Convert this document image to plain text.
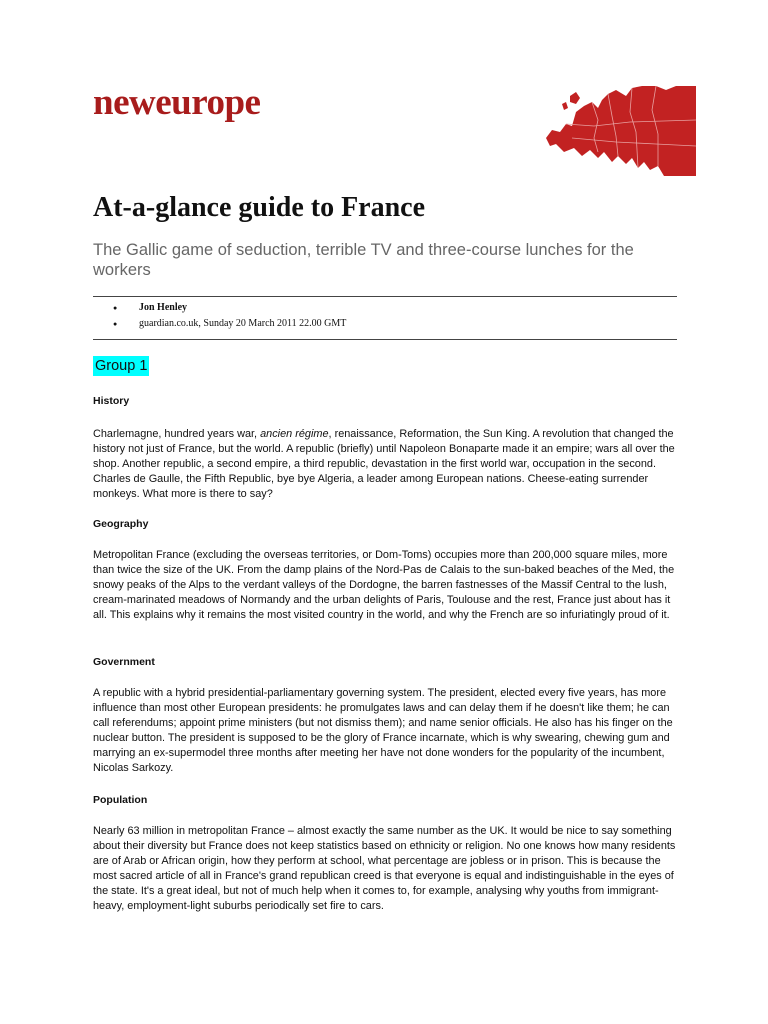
neweurope
At-a-glance guide to France

The Gallic game of seduction, terrible TV and three-course lunches for the workers

● Jon Henley
● guardian.co.uk, Sunday 20 March 2011 22.00 GMT
Group 1
History

Charlemagne, hundred years war, ancien régime, renaissance, Reformation, the Sun King. A revolution that changed the history not just of France, but the world. A republic (briefly) until Napoleon Bonaparte made it an empire; wars all over the shop. Another republic, a second empire, a third republic, devastation in the first world war, occupation in the second. Charles de Gaulle, the Fifth Republic, bye bye Algeria, a leader among European nations. Cheese-eating surrender monkeys. What more is there to say?

Geography

Metropolitan France (excluding the overseas territories, or Dom-Toms) occupies more than 200,000 square miles, more than twice the size of the UK. From the damp plains of the Nord-Pas de Calais to the sun-baked beaches of the Med, the snowy peaks of the Alps to the verdant valleys of the Dordogne, the barren fastnesses of the Massif Central to the lush, cream-marinated meadows of Normandy and the urban delights of Paris, Toulouse and the rest, France just about has it all. This explains why it remains the most visited country in the world, and why the French are so infuriatingly proud of it.

Government

A republic with a hybrid presidential-parliamentary governing system. The president, elected every five years, has more influence than most other European presidents: he promulgates laws and can delay them if he doesn't like them; he can call referendums; appoint prime ministers (but not dismiss them); and name senior officials. He also has his finger on the nuclear button. The president is supposed to be the glory of France incarnate, which is why swearing, chewing gum and marrying an ex-supermodel three months after meeting her have not done wonders for the popularity of the incumbent, Nicolas Sarkozy.

Population

Nearly 63 million in metropolitan France – almost exactly the same number as the UK. It would be nice to say something about their diversity but France does not keep statistics based on ethnicity or religion. No one knows how many residents are of Arab or African origin, how they perform at school, what percentage are jobless or in prison. This is because the most sacred article of all in France's grand republican creed is that everyone is equal and indistinguishable in the eyes of the state. It's a great ideal, but not of much help when it comes to, for example, analysing why youths from immigrant-heavy, employment-light suburbs periodically set fire to cars.
